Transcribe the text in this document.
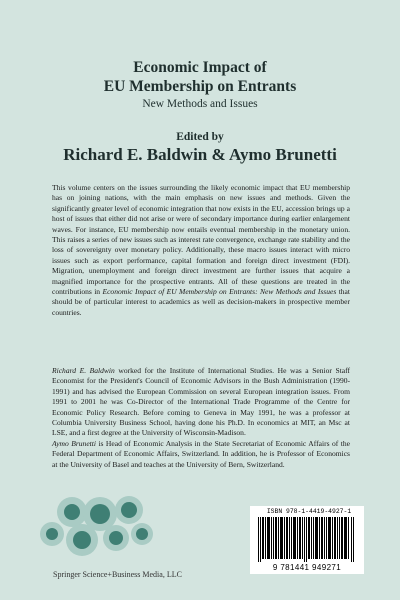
Economic Impact of
EU Membership on Entrants
New Methods and Issues
Edited by
Richard E. Baldwin & Aymo Brunetti

This volume centers on the issues surrounding the likely economic impact that EU membership has on joining nations, with the main emphasis on new issues and methods. Given the significantly greater level of economic integration that now exists in the EU, accession brings up a host of issues that either did not arise or were of secondary importance during earlier enlargement waves. For instance, EU membership now entails eventual membership in the monetary union. This raises a series of new issues such as interest rate convergence, exchange rate stability and the loss of sovereignty over monetary policy. Additionally, these macro issues interact with micro issues such as export performance, capital formation and foreign direct investment (FDI). Migration, unemployment and foreign direct investment are further issues that acquire a magnified importance for the prospective entrants. All of these questions are treated in the contributions in Economic Impact of EU Membership on Entrants: New Methods and Issues that should be of particular interest to academics as well as decision-makers in prospective member countries.

Richard E. Baldwin worked for the Institute of International Studies. He was a Senior Staff Economist for the President's Council of Economic Advisors in the Bush Administration (1990-1991) and has advised the European Commission on several European integration issues. From 1991 to 2001 he was Co-Director of the International Trade Programme of the Centre for Economic Policy Research. Before coming to Geneva in May 1991, he was a professor at Columbia University Business School, having done his Ph.D. In economics at MIT, an Msc at LSE, and a first degree at the University of Wisconsin-Madison.

Aymo Brunetti is Head of Economic Analysis in the State Secretariat of Economic Affairs of the Federal Department of Economic Affairs, Switzerland. In addition, he is Professor of Economics at the University of Basel and teaches at the University of Bern, Switzerland.

Springer Science+Business Media, LLC
ISBN 978-1-4419-4927-1
9 781441 949271
